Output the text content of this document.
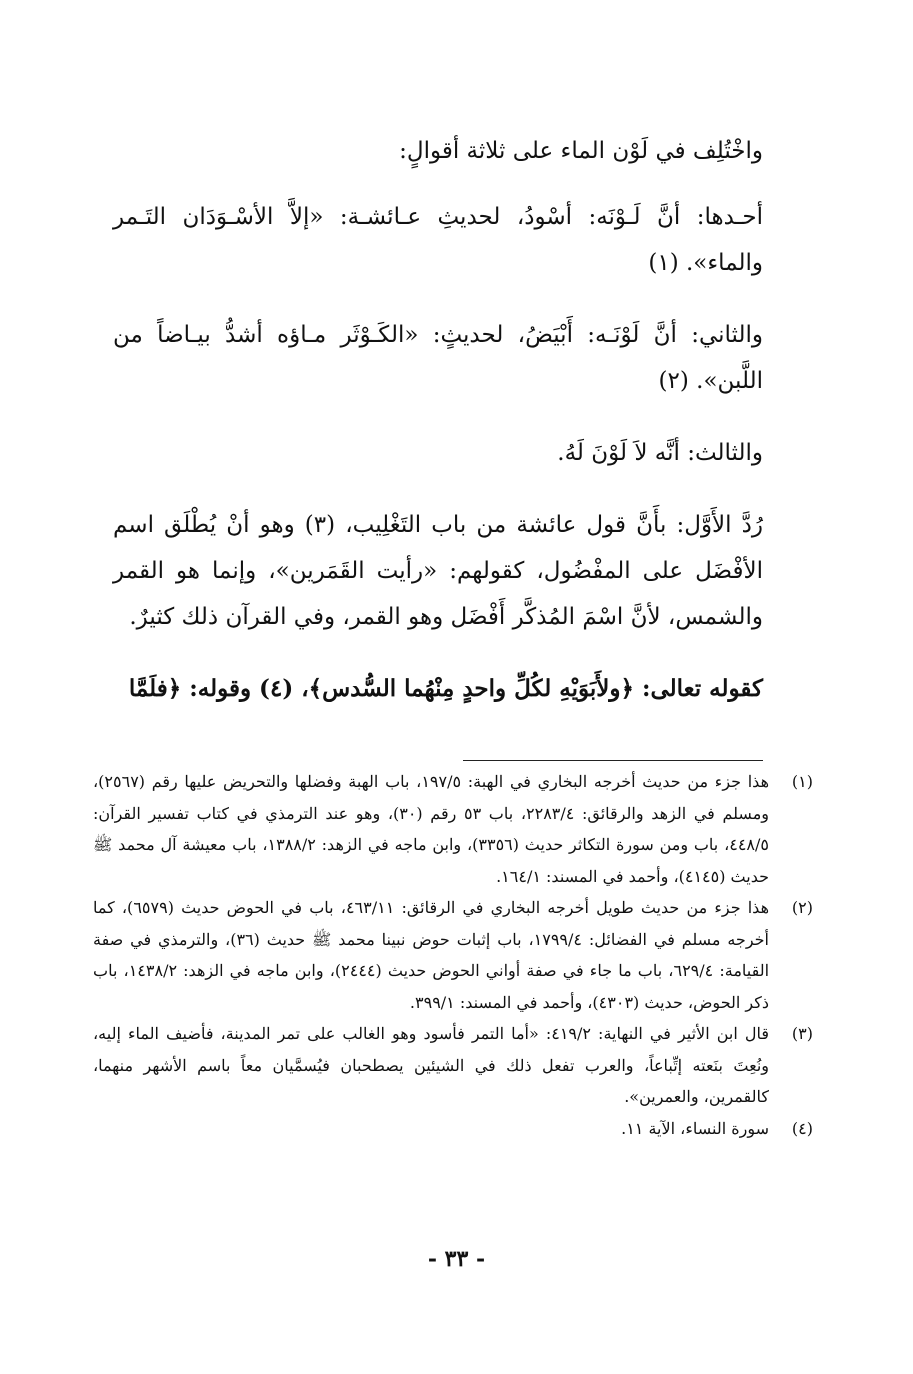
واخْتُلِف في لَوْن الماء على ثلاثة أقوالٍ:

أحـدها: أنَّ لَـوْنَه: أسْودُ، لحديثِ عـائشـة: «إلاَّ الأسْـوَدَان التَـمر والماء». (١)

والثاني: أنَّ لَوْنَـه: أَبْيَضُ، لحديثٍ: «الكَـوْثَر مـاؤه أشدُّ بيـاضاً من اللَّبن». (٢)

والثالث: أنَّه لاَ لَوْنَ لَهُ.

رُدَّ الأَوَّل: بأَنَّ قول عائشة من باب التَغْلِيب، (٣) وهو أنْ يُطْلَق اسم الأفْضَل على المفْضُول، كقولهم: «رأيت القَمَرين»، وإنما هو القمر والشمس، لأنَّ اسْمَ المُذكَّر أَفْضَل وهو القمر، وفي القرآن ذلك كثيرٌ.

كقوله تعالى: ﴿ولأَبَوَيْهِ لكُلِّ واحدٍ مِنْهُما السُّدس﴾، (٤) وقوله: ﴿فلَمَّا

(١)
هذا جزء من حديث أخرجه البخاري في الهبة: ١٩٧/٥، باب الهبة وفضلها والتحريض عليها رقم (٢٥٦٧)، ومسلم في الزهد والرقائق: ٢٢٨٣/٤، باب ٥٣ رقم (٣٠)، وهو عند الترمذي في كتاب تفسير القرآن: ٤٤٨/٥، باب ومن سورة التكاثر حديث (٣٣٥٦)، وابن ماجه في الزهد: ١٣٨٨/٢، باب معيشة آل محمد ﷺ حديث (٤١٤٥)، وأحمد في المسند: ١٦٤/١.
(٢)
هذا جزء من حديث طويل أخرجه البخاري في الرقائق: ٤٦٣/١١، باب في الحوض حديث (٦٥٧٩)، كما أخرجه مسلم في الفضائل: ١٧٩٩/٤، باب إثبات حوض نبينا محمد ﷺ حديث (٣٦)، والترمذي في صفة القيامة: ٦٢٩/٤، باب ما جاء في صفة أواني الحوض حديث (٢٤٤٤)، وابن ماجه في الزهد: ١٤٣٨/٢، باب ذكر الحوض، حديث (٤٣٠٣)، وأحمد في المسند: ٣٩٩/١.
(٣)
قال ابن الأثير في النهاية: ٤١٩/٢: «أما التمر فأسود وهو الغالب على تمر المدينة، فأضيف الماء إليه، ونُعِتَ بنَعته إتِّباعاً، والعرب تفعل ذلك في الشيئين يصطحبان فيُسمَّيان معاً باسم الأشهر منهما، كالقمرين، والعمرين».
(٤)
سورة النساء، الآية ١١.
- ٣٣ -
